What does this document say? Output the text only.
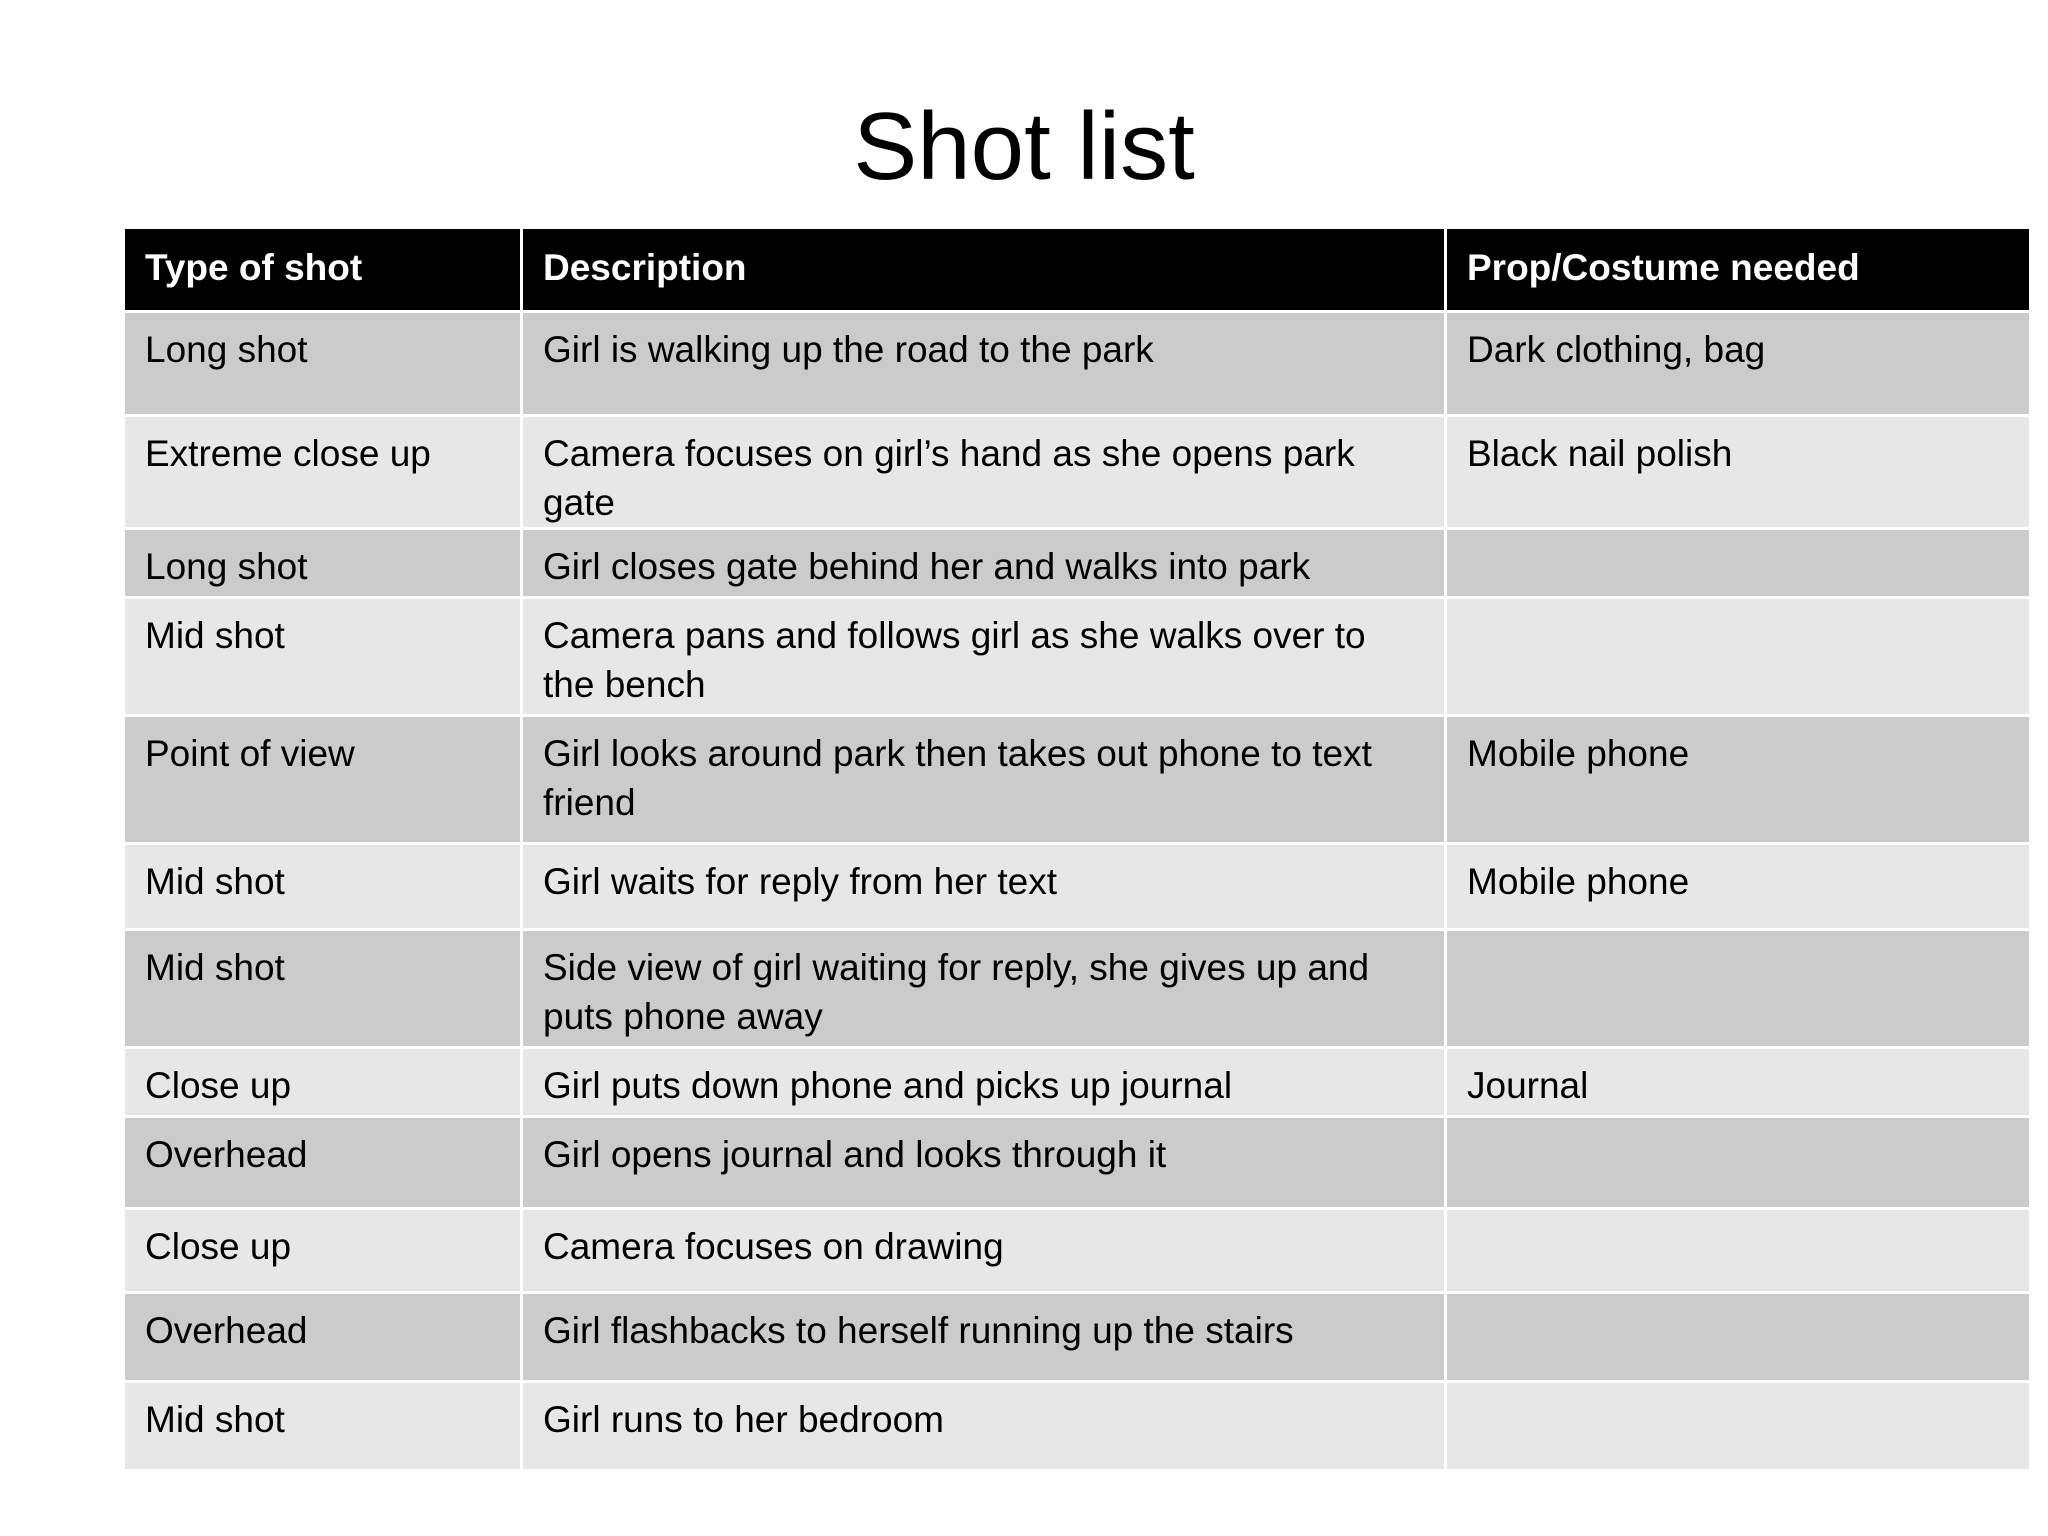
Shot list
Type of shot	Description	Prop/Costume needed
Long shot	Girl is walking up the road to the park	Dark clothing, bag
Extreme close up	Camera focuses on girl’s hand as she opens park gate	Black nail polish
Long shot	Girl closes gate behind her and walks into park	
Mid shot	Camera pans and follows girl as she walks over to the bench	
Point of view	Girl looks around park then takes out phone to text friend	Mobile phone
Mid shot	Girl waits for reply from her text	Mobile phone
Mid shot	Side view of girl waiting for reply, she gives up and puts phone away	
Close up	Girl puts down phone and picks up journal	Journal
Overhead	Girl opens journal and looks through it	
Close up	Camera focuses on drawing	
Overhead	Girl flashbacks to herself running up the stairs	
Mid shot	Girl runs to her bedroom	
